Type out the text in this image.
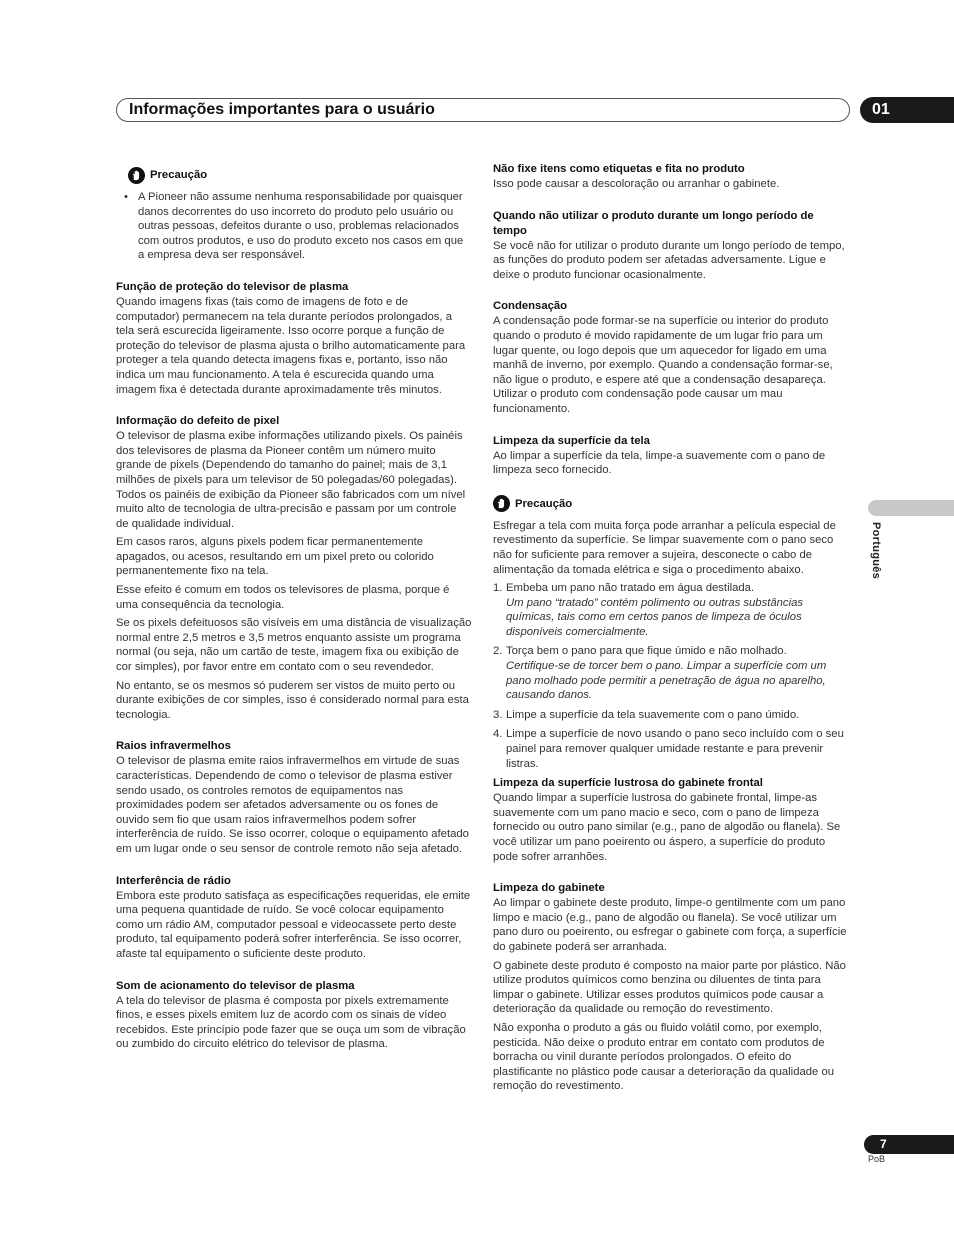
Informações importantes para o usuário	01
Português
Precaução
• A Pioneer não assume nenhuma responsabilidade por quaisquer danos decorrentes do uso incorreto do produto pelo usuário ou outras pessoas, defeitos durante o uso, problemas relacionados com outros produtos, e uso do produto exceto nos casos em que a empresa deva ser responsável.
Função de proteção do televisor de plasma

Quando imagens fixas (tais como de imagens de foto e de computador) permanecem na tela durante períodos prolongados, a tela será escurecida ligeiramente. Isso ocorre porque a função de proteção do televisor de plasma ajusta o brilho automaticamente para proteger a tela quando detecta imagens fixas e, portanto, isso não indica um mau funcionamento. A tela é escurecida quando uma imagem fixa é detectada durante aproximadamente três minutos.

Informação do defeito de pixel

O televisor de plasma exibe informações utilizando pixels. Os painéis dos televisores de plasma da Pioneer contêm um número muito grande de pixels (Dependendo do tamanho do painel; mais de 3,1 milhões de pixels para um televisor de 50 polegadas/60 polegadas). Todos os painéis de exibição da Pioneer são fabricados com um nível muito alto de tecnologia de ultra-precisão e passam por um controle de qualidade individual.

Em casos raros, alguns pixels podem ficar permanentemente apagados, ou acesos, resultando em um pixel preto ou colorido permanentemente fixo na tela.

Esse efeito é comum em todos os televisores de plasma, porque é uma consequência da tecnologia.

Se os pixels defeituosos são visíveis em uma distância de visualização normal entre 2,5 metros e 3,5 metros enquanto assiste um programa normal (ou seja, não um cartão de teste, imagem fixa ou exibição de cor simples), por favor entre em contato com o seu revendedor.

No entanto, se os mesmos só puderem ser vistos de muito perto ou durante exibições de cor simples, isso é considerado normal para esta tecnologia.

Raios infravermelhos

O televisor de plasma emite raios infravermelhos em virtude de suas características. Dependendo de como o televisor de plasma estiver sendo usado, os controles remotos de equipamentos nas proximidades podem ser afetados adversamente ou os fones de ouvido sem fio que usam raios infravermelhos podem sofrer interferência de ruído. Se isso ocorrer, coloque o equipamento afetado em um lugar onde o seu sensor de controle remoto não seja afetado.

Interferência de rádio

Embora este produto satisfaça as especificações requeridas, ele emite uma pequena quantidade de ruído. Se você colocar equipamento como um rádio AM, computador pessoal e videocassete perto deste produto, tal equipamento poderá sofrer interferência. Se isso ocorrer, afaste tal equipamento o suficiente deste produto.

Som de acionamento do televisor de plasma

A tela do televisor de plasma é composta por pixels extremamente finos, e esses pixels emitem luz de acordo com os sinais de vídeo recebidos. Este princípio pode fazer que se ouça um som de vibração ou zumbido do circuito elétrico do televisor de plasma.

Não fixe itens como etiquetas e fita no produto

Isso pode causar a descoloração ou arranhar o gabinete.

Quando não utilizar o produto durante um longo período de tempo

Se você não for utilizar o produto durante um longo período de tempo, as funções do produto podem ser afetadas adversamente. Ligue e deixe o produto funcionar ocasionalmente.

Condensação

A condensação pode formar-se na superfície ou interior do produto quando o produto é movido rapidamente de um lugar frio para um lugar quente, ou logo depois que um aquecedor for ligado em uma manhã de inverno, por exemplo. Quando a condensação formar-se, não ligue o produto, e espere até que a condensação desapareça. Utilizar o produto com condensação pode causar um mau funcionamento.

Limpeza da superfície da tela

Ao limpar a superfície da tela, limpe-a suavemente com o pano de limpeza seco fornecido.

Precaução

Esfregar a tela com muita força pode arranhar a película especial de revestimento da superfície. Se limpar suavemente com o pano seco não for suficiente para remover a sujeira, desconecte o cabo de alimentação da tomada elétrica e siga o procedimento abaixo.

1. Embeba um pano não tratado em água destilada.
Um pano “tratado” contém polimento ou outras substâncias químicas, tais como em certos panos de limpeza de óculos disponíveis comercialmente.
2. Torça bem o pano para que fique úmido e não molhado.
Certifique-se de torcer bem o pano. Limpar a superfície com um pano molhado pode permitir a penetração de água no aparelho, causando danos.
3. Limpe a superfície da tela suavemente com o pano úmido.
4. Limpe a superfície de novo usando o pano seco incluído com o seu painel para remover qualquer umidade restante e para prevenir listras.
Limpeza da superfície lustrosa do gabinete frontal

Quando limpar a superfície lustrosa do gabinete frontal, limpe-as suavemente com um pano macio e seco, com o pano de limpeza fornecido ou outro pano similar (e.g., pano de algodão ou flanela). Se você utilizar um pano poeirento ou áspero, a superfície do produto pode sofrer arranhões.

Limpeza do gabinete

Ao limpar o gabinete deste produto, limpe-o gentilmente com um pano limpo e macio (e.g., pano de algodão ou flanela). Se você utilizar um pano duro ou poeirento, ou esfregar o gabinete com força, a superfície do gabinete poderá ser arranhada.

O gabinete deste produto é composto na maior parte por plástico. Não utilize produtos químicos como benzina ou diluentes de tinta para limpar o gabinete. Utilizar esses produtos químicos pode causar a deterioração da qualidade ou remoção do revestimento.

Não exponha o produto a gás ou fluido volátil como, por exemplo, pesticida. Não deixe o produto entrar em contato com produtos de borracha ou vinil durante períodos prolongados. O efeito do plastificante no plástico pode causar a deterioração da qualidade ou remoção do revestimento.

7
PoB
